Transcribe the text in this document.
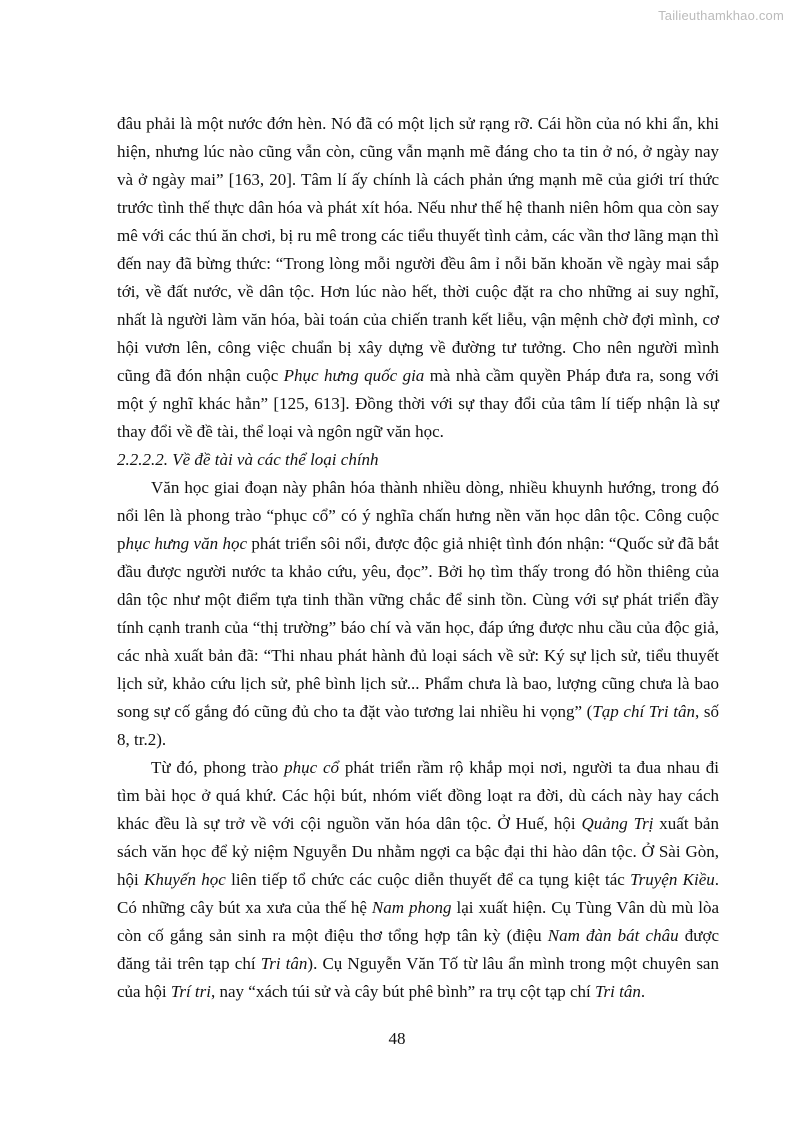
Tailieuthamkhao.com

đâu phải là một nước đớn hèn. Nó đã có một lịch sử rạng rỡ. Cái hồn của nó khi ẩn, khi hiện, nhưng lúc nào cũng vẫn còn, cũng vẫn mạnh mẽ đáng cho ta tin ở nó, ở ngày nay và ở ngày mai” [163, 20]. Tâm lí ấy chính là cách phản ứng mạnh mẽ của giới trí thức trước tình thế thực dân hóa và phát xít hóa. Nếu như thế hệ thanh niên hôm qua còn say mê với các thú ăn chơi, bị ru mê trong các tiểu thuyết tình cảm, các vần thơ lãng mạn thì đến nay đã bừng thức: “Trong lòng mỗi người đều âm ỉ nỗi băn khoăn về ngày mai sắp tới, về đất nước, về dân tộc. Hơn lúc nào hết, thời cuộc đặt ra cho những ai suy nghĩ, nhất là người làm văn hóa, bài toán của chiến tranh kết liễu, vận mệnh chờ đợi mình, cơ hội vươn lên, công việc chuẩn bị xây dựng về đường tư tưởng. Cho nên người mình cũng đã đón nhận cuộc Phục hưng quốc gia mà nhà cầm quyền Pháp đưa ra, song với một ý nghĩ khác hẳn” [125, 613]. Đồng thời với sự thay đổi của tâm lí tiếp nhận là sự thay đổi về đề tài, thể loại và ngôn ngữ văn học.

2.2.2.2. Về đề tài và các thể loại chính

Văn học giai đoạn này phân hóa thành nhiều dòng, nhiều khuynh hướng, trong đó nổi lên là phong trào “phục cổ” có ý nghĩa chấn hưng nền văn học dân tộc. Công cuộc phục hưng văn học phát triển sôi nổi, được độc giả nhiệt tình đón nhận: “Quốc sử đã bắt đầu được người nước ta khảo cứu, yêu, đọc”. Bởi họ tìm thấy trong đó hồn thiêng của dân tộc như một điểm tựa tinh thần vững chắc để sinh tồn. Cùng với sự phát triển đầy tính cạnh tranh của “thị trường” báo chí và văn học, đáp ứng được nhu cầu của độc giả, các nhà xuất bản đã: “Thi nhau phát hành đủ loại sách về sử: Ký sự lịch sử, tiểu thuyết lịch sử, khảo cứu lịch sử, phê bình lịch sử... Phẩm chưa là bao, lượng cũng chưa là bao song sự cố gắng đó cũng đủ cho ta đặt vào tương lai nhiều hi vọng” (Tạp chí Tri tân, số 8, tr.2).

Từ đó, phong trào phục cổ phát triển rầm rộ khắp mọi nơi, người ta đua nhau đi tìm bài học ở quá khứ. Các hội bút, nhóm viết đồng loạt ra đời, dù cách này hay cách khác đều là sự trở về với cội nguồn văn hóa dân tộc. Ở Huế, hội Quảng Trị xuất bản sách văn học để kỷ niệm Nguyễn Du nhằm ngợi ca bậc đại thi hào dân tộc. Ở Sài Gòn, hội Khuyến học liên tiếp tổ chức các cuộc diễn thuyết để ca tụng kiệt tác Truyện Kiều. Có những cây bút xa xưa của thế hệ Nam phong lại xuất hiện. Cụ Tùng Vân dù mù lòa còn cố gắng sản sinh ra một điệu thơ tổng hợp tân kỳ (điệu Nam đàn bát châu được đăng tải trên tạp chí Tri tân). Cụ Nguyễn Văn Tố từ lâu ẩn mình trong một chuyên san của hội Trí tri, nay “xách túi sử và cây bút phê bình” ra trụ cột tạp chí Tri tân.

48
